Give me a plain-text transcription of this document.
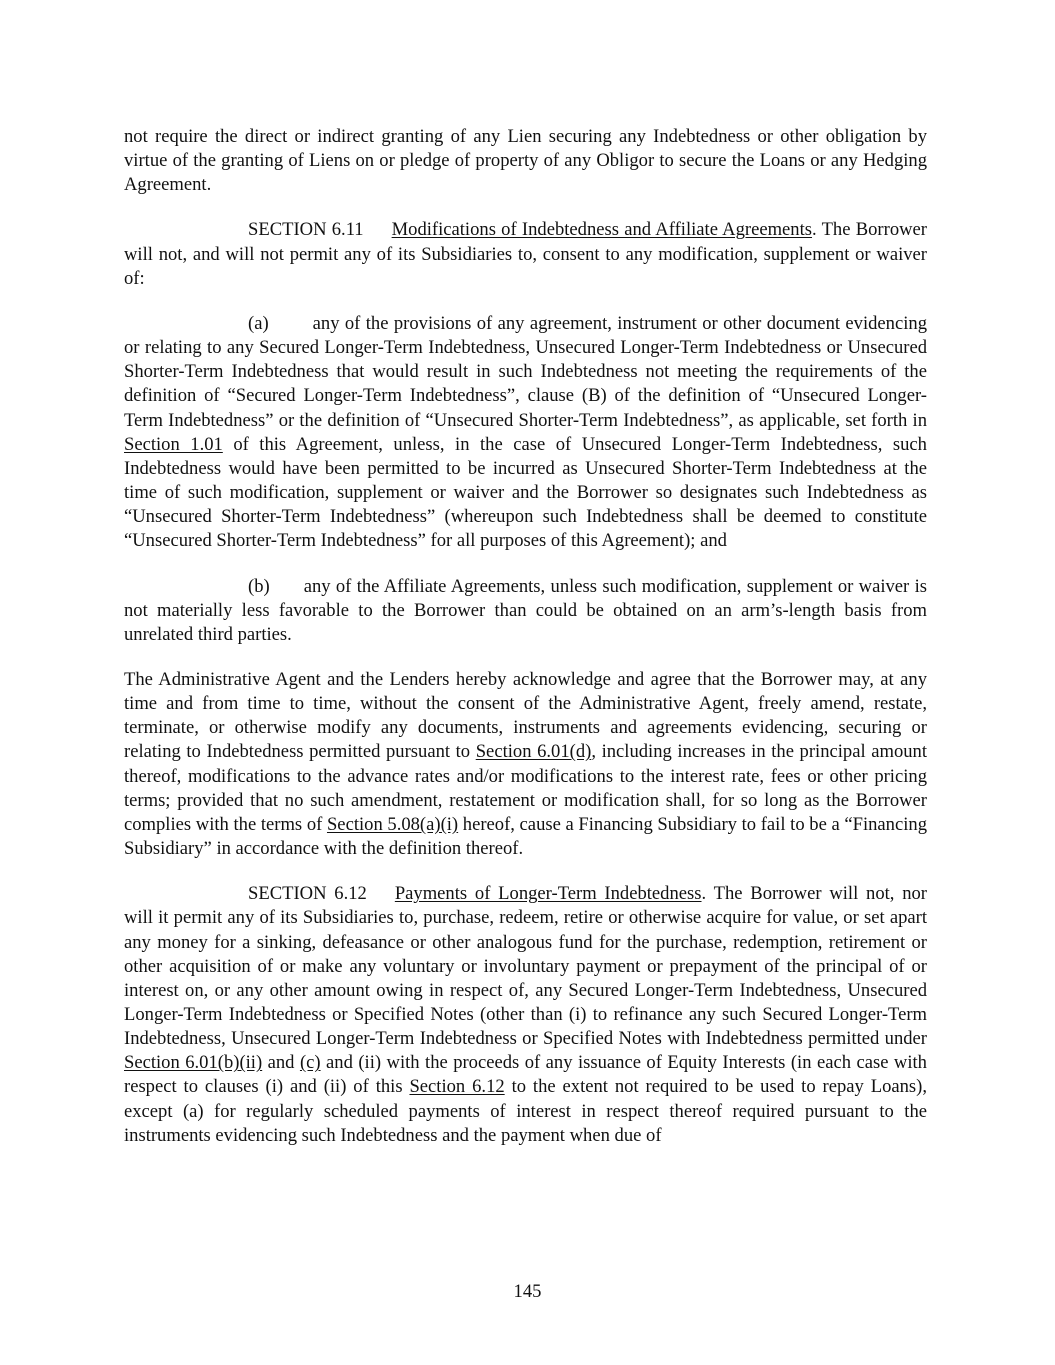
not require the direct or indirect granting of any Lien securing any Indebtedness or other obligation by virtue of the granting of Liens on or pledge of property of any Obligor to secure the Loans or any Hedging Agreement.

SECTION 6.11 Modifications of Indebtedness and Affiliate Agreements. The Borrower will not, and will not permit any of its Subsidiaries to, consent to any modification, supplement or waiver of:

(a) any of the provisions of any agreement, instrument or other document evidencing or relating to any Secured Longer-Term Indebtedness, Unsecured Longer-Term Indebtedness or Unsecured Shorter-Term Indebtedness that would result in such Indebtedness not meeting the requirements of the definition of “Secured Longer-Term Indebtedness”, clause (B) of the definition of “Unsecured Longer-Term Indebtedness” or the definition of “Unsecured Shorter-Term Indebtedness”, as applicable, set forth in Section 1.01 of this Agreement, unless, in the case of Unsecured Longer-Term Indebtedness, such Indebtedness would have been permitted to be incurred as Unsecured Shorter-Term Indebtedness at the time of such modification, supplement or waiver and the Borrower so designates such Indebtedness as “Unsecured Shorter-Term Indebtedness” (whereupon such Indebtedness shall be deemed to constitute “Unsecured Shorter-Term Indebtedness” for all purposes of this Agreement); and

(b) any of the Affiliate Agreements, unless such modification, supplement or waiver is not materially less favorable to the Borrower than could be obtained on an arm’s-length basis from unrelated third parties.

The Administrative Agent and the Lenders hereby acknowledge and agree that the Borrower may, at any time and from time to time, without the consent of the Administrative Agent, freely amend, restate, terminate, or otherwise modify any documents, instruments and agreements evidencing, securing or relating to Indebtedness permitted pursuant to Section 6.01(d), including increases in the principal amount thereof, modifications to the advance rates and/or modifications to the interest rate, fees or other pricing terms; provided that no such amendment, restatement or modification shall, for so long as the Borrower complies with the terms of Section 5.08(a)(i) hereof, cause a Financing Subsidiary to fail to be a “Financing Subsidiary” in accordance with the definition thereof.

SECTION 6.12 Payments of Longer-Term Indebtedness. The Borrower will not, nor will it permit any of its Subsidiaries to, purchase, redeem, retire or otherwise acquire for value, or set apart any money for a sinking, defeasance or other analogous fund for the purchase, redemption, retirement or other acquisition of or make any voluntary or involuntary payment or prepayment of the principal of or interest on, or any other amount owing in respect of, any Secured Longer-Term Indebtedness, Unsecured Longer-Term Indebtedness or Specified Notes (other than (i) to refinance any such Secured Longer-Term Indebtedness, Unsecured Longer-Term Indebtedness or Specified Notes with Indebtedness permitted under Section 6.01(b)(ii) and (c) and (ii) with the proceeds of any issuance of Equity Interests (in each case with respect to clauses (i) and (ii) of this Section 6.12 to the extent not required to be used to repay Loans), except (a) for regularly scheduled payments of interest in respect thereof required pursuant to the instruments evidencing such Indebtedness and the payment when due of

145
